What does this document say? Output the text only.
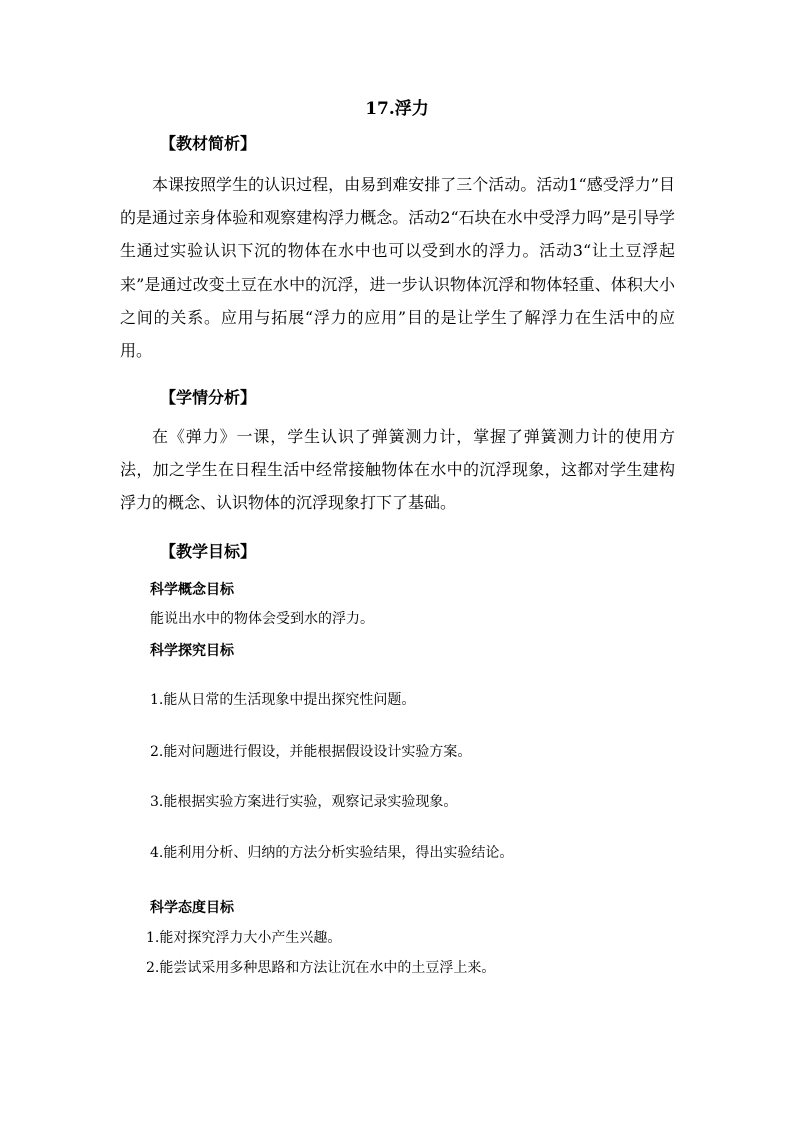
17.浮力
【教材简析】

本课按照学生的认识过程，由易到难安排了三个活动。活动1“感受浮力”目的是通过亲身体验和观察建构浮力概念。活动2“石块在水中受浮力吗”是引导学生通过实验认识下沉的物体在水中也可以受到水的浮力。活动3“让土豆浮起来”是通过改变土豆在水中的沉浮，进一步认识物体沉浮和物体轻重、体积大小之间的关系。应用与拓展“浮力的应用”目的是让学生了解浮力在生活中的应用。

【学情分析】

在《弹力》一课，学生认识了弹簧测力计，掌握了弹簧测力计的使用方法，加之学生在日程生活中经常接触物体在水中的沉浮现象，这都对学生建构浮力的概念、认识物体的沉浮现象打下了基础。

【教学目标】
科学概念目标
能说出水中的物体会受到水的浮力。
科学探究目标
1.能从日常的生活现象中提出探究性问题。
2.能对问题进行假设，并能根据假设设计实验方案。
3.能根据实验方案进行实验，观察记录实验现象。
4.能利用分析、归纳的方法分析实验结果，得出实验结论。
科学态度目标
1.能对探究浮力大小产生兴趣。
2.能尝试采用多种思路和方法让沉在水中的土豆浮上来。
